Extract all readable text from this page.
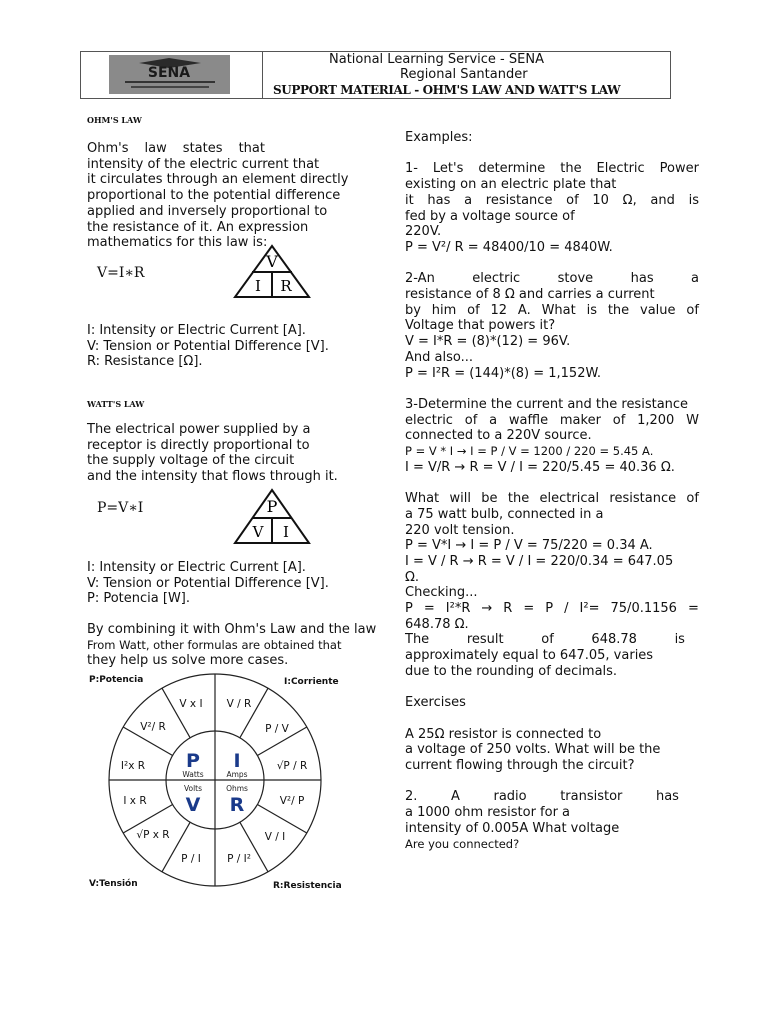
SENA
National Learning Service - SENA
Regional Santander
SUPPORT MATERIAL - OHM'S LAW AND WATT'S LAW
OHM'S LAW
Ohm's law states that
intensity of the electric current that
it circulates through an element directly
proportional to the potential difference
applied and inversely proportional to
the resistance of it. An expression
mathematics for this law is:
V=I∗R
V
I R
I: Intensity or Electric Current [A].
V: Tension or Potential Difference [V].
R: Resistance [Ω].
WATT'S LAW
The electrical power supplied by a
receptor is directly proportional to
the supply voltage of the circuit
and the intensity that flows through it.
P=V∗I	P
V I
I: Intensity or Electric Current [A].
V: Tension or Potential Difference [V].
P: Potencia [W].
By combining it with Ohm's Law and the law
From Watt, other formulas are obtained that
they help us solve more cases.
P:Potencia	I:Corriente
V:Tensión	R:Resistencia
P I
V R
Watts	Amps
Volts	Ohms
V x I V / R
P / V
√P / R
V²/ P
V / I
P / I²
P / I
√P x R
I x R
I²x R
V²/ R
Examples:
1- Let's determine the Electric Power
existing on an electric plate that
it has a resistance of 10 Ω, and is
fed by a voltage source of
220V.
P = V²/ R = 48400/10 = 4840W.
2-An	electric	stove	has	a
resistance of 8 Ω and carries a current
by him of 12 A. What is the value of
Voltage that powers it?
V = I*R = (8)*(12) = 96V.
And also...
P = I²R = (144)*(8) = 1,152W.
3-Determine the current and the resistance
electric of a waffle maker of 1,200 W
connected to a 220V source.
P = V * I → I = P / V = 1200 / 220 = 5.45 A.
I = V/R → R = V / I = 220/5.45 = 40.36 Ω.
What will be the electrical resistance of
a 75 watt bulb, connected in a
220 volt tension.
P = V*I → I = P / V = 75/220 = 0.34 A.
I = V / R → R = V / I = 220/0.34 = 647.05
Ω.
Checking...
P = I²*R → R = P / I²= 75/0.1156 =
648.78 Ω.
The	result	of	648.78	is
approximately equal to 647.05, varies
due to the rounding of decimals.
Exercises
A 25Ω resistor is connected to
a voltage of 250 volts. What will be the
current flowing through the circuit?
2.	A	radio	transistor	has
a 1000 ohm resistor for a
intensity of 0.005A What voltage
Are you connected?
